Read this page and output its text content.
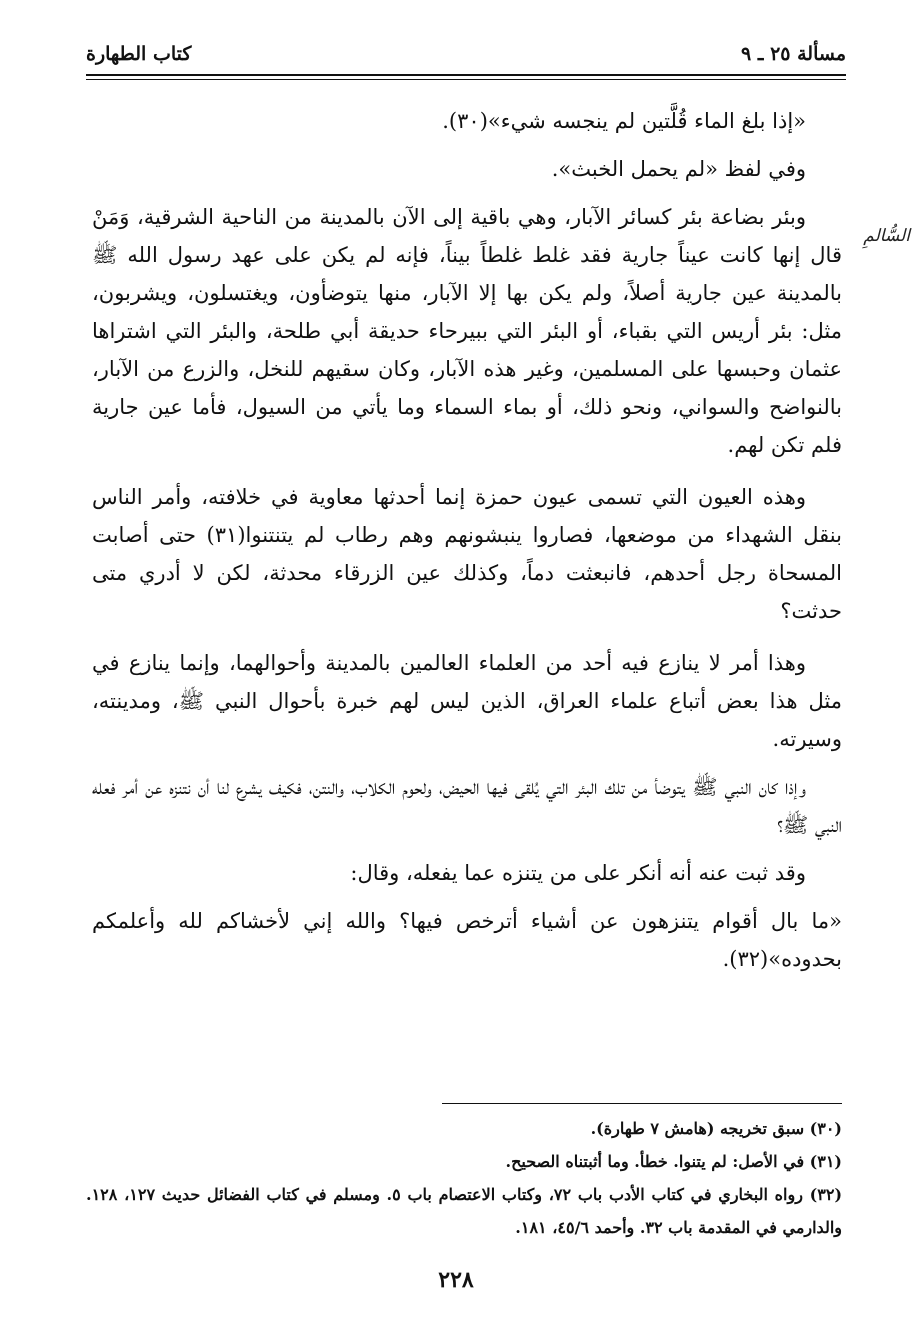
مسألة ٢٥ ـ ٩
كتاب الطهارة
السُّالمِ

«إذا بلغ الماء قُلَّتين لم ينجسه شيء»(٣٠).

وفي لفظ «لم يحمل الخبث».

وبئر بضاعة بئر كسائر الآبار، وهي باقية إلى الآن بالمدينة من الناحية الشرقية، وَمَنْ قال إنها كانت عيناً جارية فقد غلط غلطاً بيناً، فإنه لم يكن على عهد رسول الله ﷺ بالمدينة عين جارية أصلاً، ولم يكن بها إلا الآبار، منها يتوضأون، ويغتسلون، ويشربون، مثل: بئر أريس التي بقباء، أو البئر التي ببيرحاء حديقة أبي طلحة، والبئر التي اشتراها عثمان وحبسها على المسلمين، وغير هذه الآبار، وكان سقيهم للنخل، والزرع من الآبار، بالنواضح والسواني، ونحو ذلك، أو بماء السماء وما يأتي من السيول، فأما عين جارية فلم تكن لهم.

وهذه العيون التي تسمى عيون حمزة إنما أحدثها معاوية في خلافته، وأمر الناس بنقل الشهداء من موضعها، فصاروا ينبشونهم وهم رطاب لم يتنتنوا(٣١) حتى أصابت المسحاة رجل أحدهم، فانبعثت دماً، وكذلك عين الزرقاء محدثة، لكن لا أدري متى حدثت؟

وهذا أمر لا ينازع فيه أحد من العلماء العالمين بالمدينة وأحوالهما، وإنما ينازع في مثل هذا بعض أتباع علماء العراق، الذين ليس لهم خبرة بأحوال النبي ﷺ، ومدينته، وسيرته.

وإذا كان النبي ﷺ يتوضأ من تلك البئر التي يُلقى فيها الحيض، ولحوم الكلاب، والنتن، فكيف يشرع لنا أن نتنزه عن أمر فعله النبي ﷺ؟

وقد ثبت عنه أنه أنكر على من يتنزه عما يفعله، وقال:

«ما بال أقوام يتنزهون عن أشياء أترخص فيها؟ والله إني لأخشاكم لله وأعلمكم بحدوده»(٣٢).

(٣٠) سبق تخريجه (هامش ٧ طهارة).

(٣١) في الأصل: لم يتنوا. خطأ. وما أثبتناه الصحيح.

(٣٢) رواه البخاري في كتاب الأدب باب ٧٢، وكتاب الاعتصام باب ٥. ومسلم في كتاب الفضائل حديث ١٢٧، ١٢٨. والدارمي في المقدمة باب ٣٢. وأحمد ٤٥/٦، ١٨١.

٢٢٨
